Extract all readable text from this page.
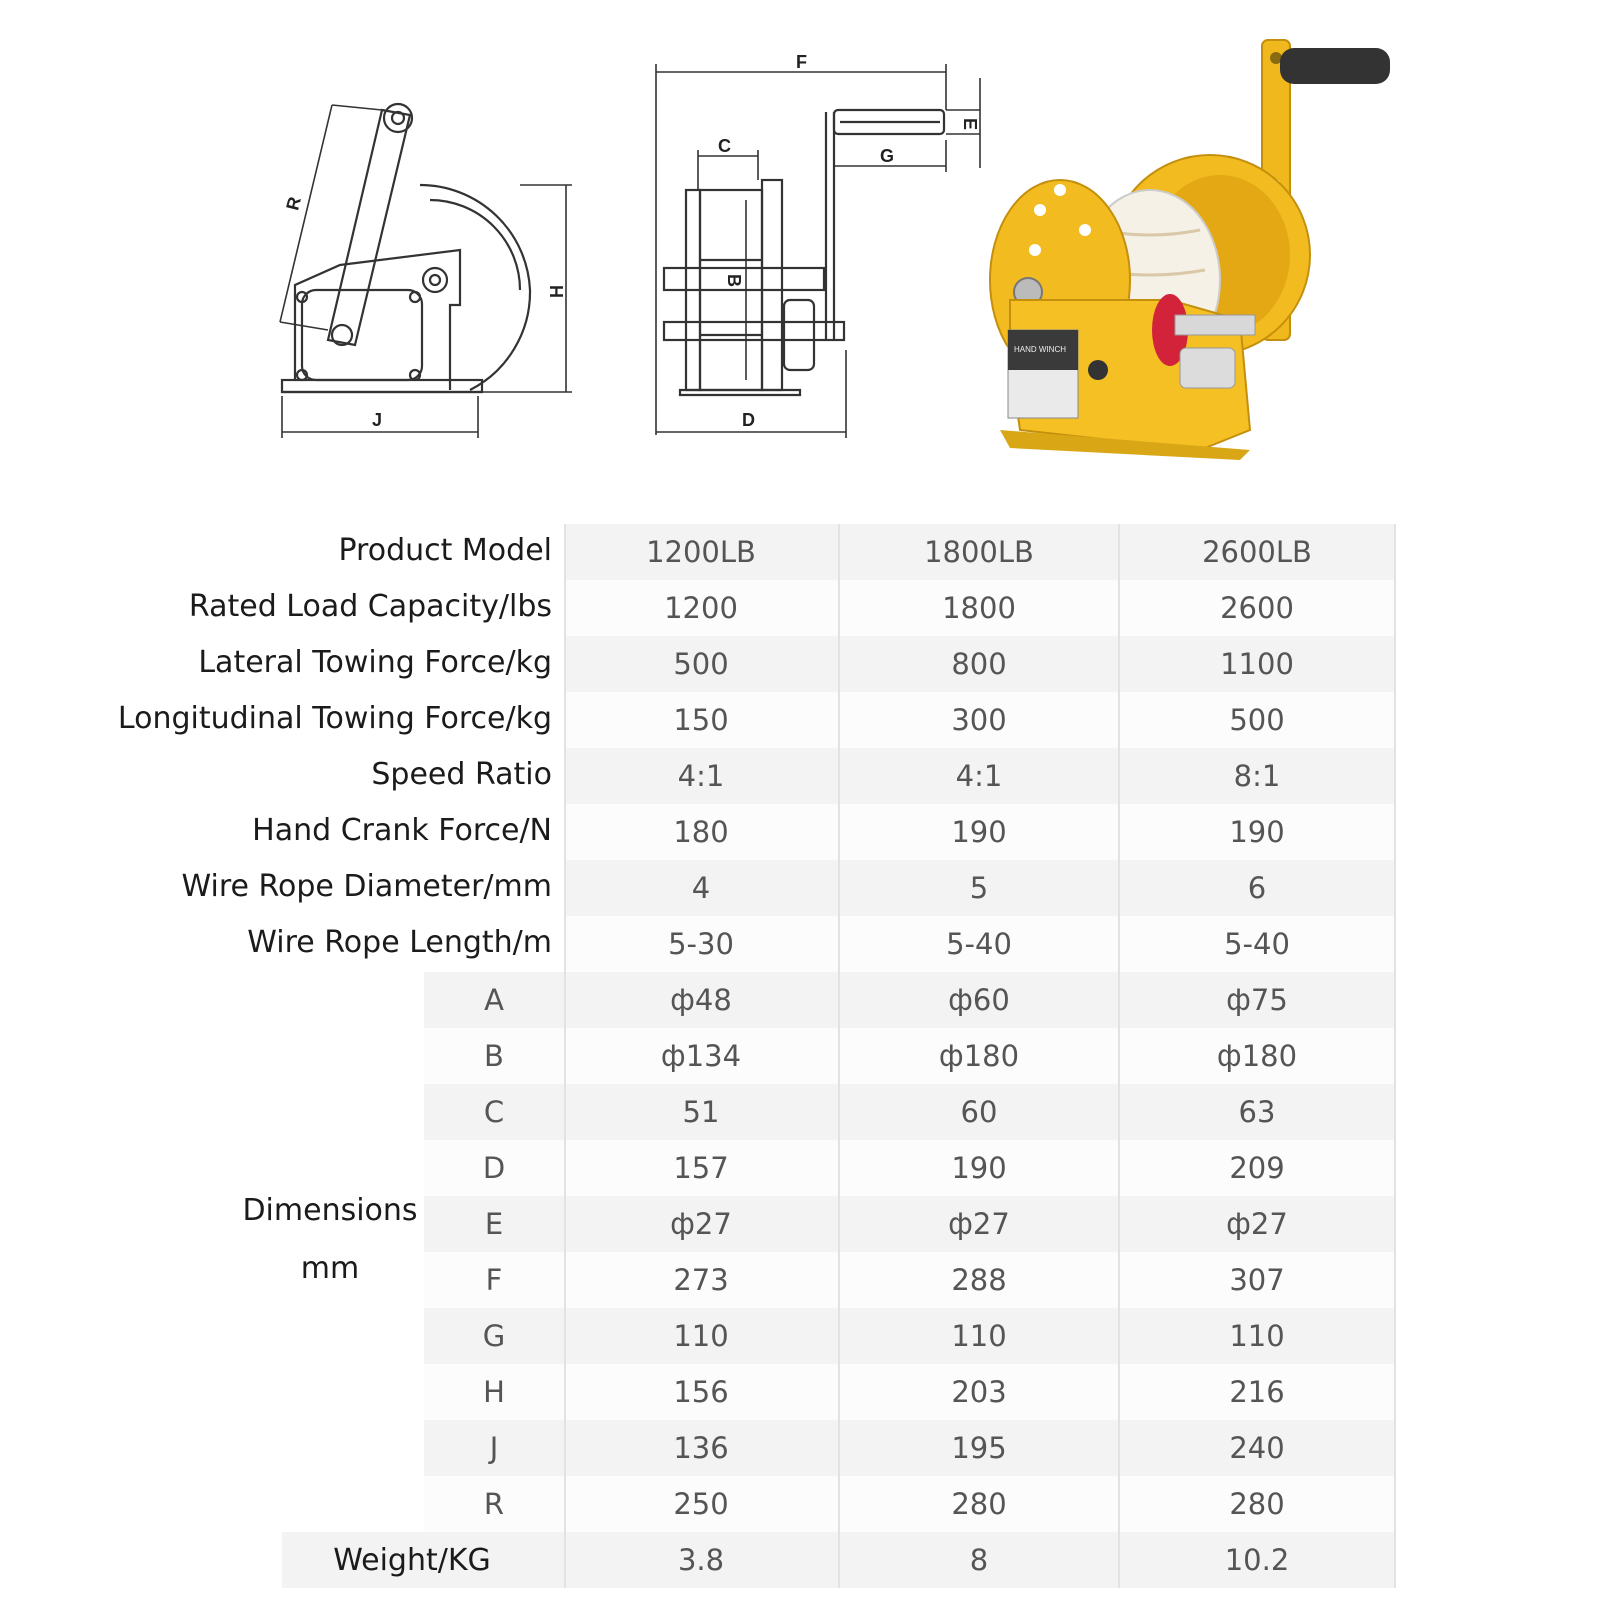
R
H
J
F
C
E
G
B
D
HAND WINCH
Product Model	1200LB	1800LB	2600LB
Rated Load Capacity/lbs	1200	1800	2600
Lateral Towing Force/kg	500	800	1100
Longitudinal Towing Force/kg	150	300	500
Speed Ratio	4:1	4:1	8:1
Hand Crank Force/N	180	190	190
Wire Rope Diameter/mm	4	5	6
Wire Rope Length/m	5-30	5-40	5-40
A	ф48	ф60	ф75
B	ф134	ф180	ф180
C	51	60	63
D	157	190	209
E	ф27	ф27	ф27
F	273	288	307
G	110	110	110
H	156	203	216
J	136	195	240
R	250	280	280
Weight/KG	3.8	8	10.2
Dimensions
mm
